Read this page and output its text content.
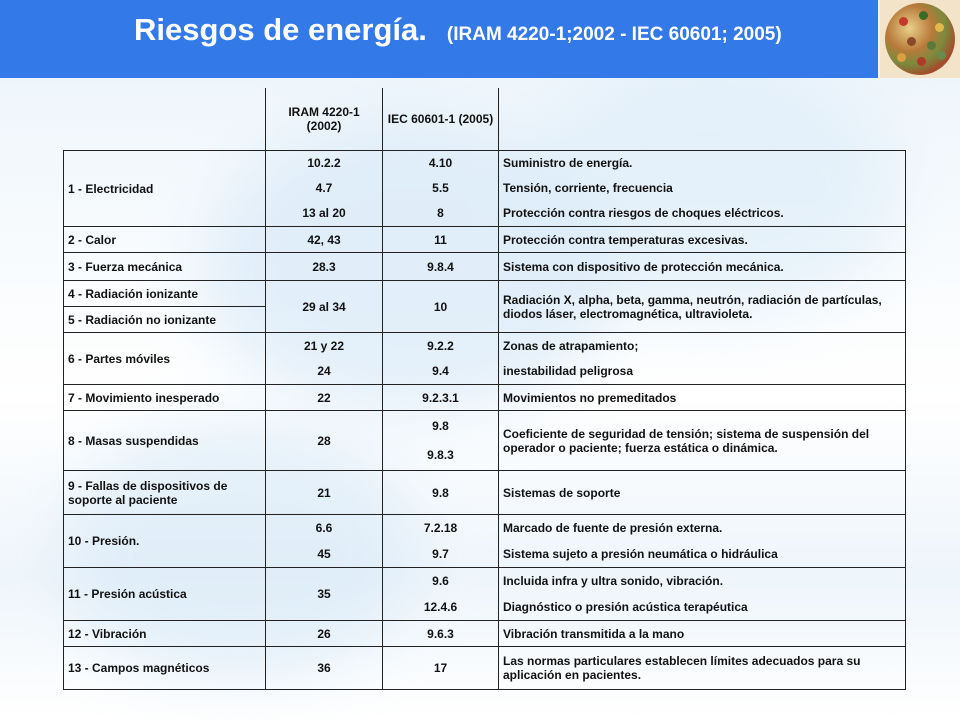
Riesgos de energía. (IRAM 4220-1;2002 - IEC 60601; 2005)
	IRAM 4220-1 (2002)	IEC 60601-1 (2005)	
1 - Electricidad	10.2.2	4.10	Suministro de energía.
	4.7	5.5	Tensión, corriente, frecuencia
	13 al 20	8	Protección contra riesgos de choques eléctricos.
2 - Calor	42, 43	11	Protección contra temperaturas excesivas.
3 - Fuerza mecánica	28.3	9.8.4	Sistema con dispositivo de protección mecánica.
4 - Radiación ionizante	29 al 34	10	Radiación X, alpha, beta, gamma, neutrón, radiación de partículas, diodos láser, electromagnética, ultravioleta.
5 - Radiación no ionizante			
6 - Partes móviles	21 y 22	9.2.2	Zonas de atrapamiento;
	24	9.4	inestabilidad peligrosa
7 - Movimiento inesperado	22	9.2.3.1	Movimientos no premeditados
8 - Masas suspendidas	28	9.8	Coeficiente de seguridad de tensión; sistema de suspensión del operador o paciente; fuerza estática o dinámica.
		9.8.3	
9 - Fallas de dispositivos de soporte al paciente	21	9.8	Sistemas de soporte
10 - Presión.	6.6	7.2.18	Marcado de fuente de presión externa.
	45	9.7	Sistema sujeto a presión neumática o hidráulica
11 - Presión acústica	35	9.6	Incluida infra y ultra sonido, vibración.
		12.4.6	Diagnóstico o presión acústica terapéutica
12 - Vibración	26	9.6.3	Vibración transmitida a la mano
13 - Campos magnéticos	36	17	Las normas particulares establecen límites adecuados para su aplicación en pacientes.
